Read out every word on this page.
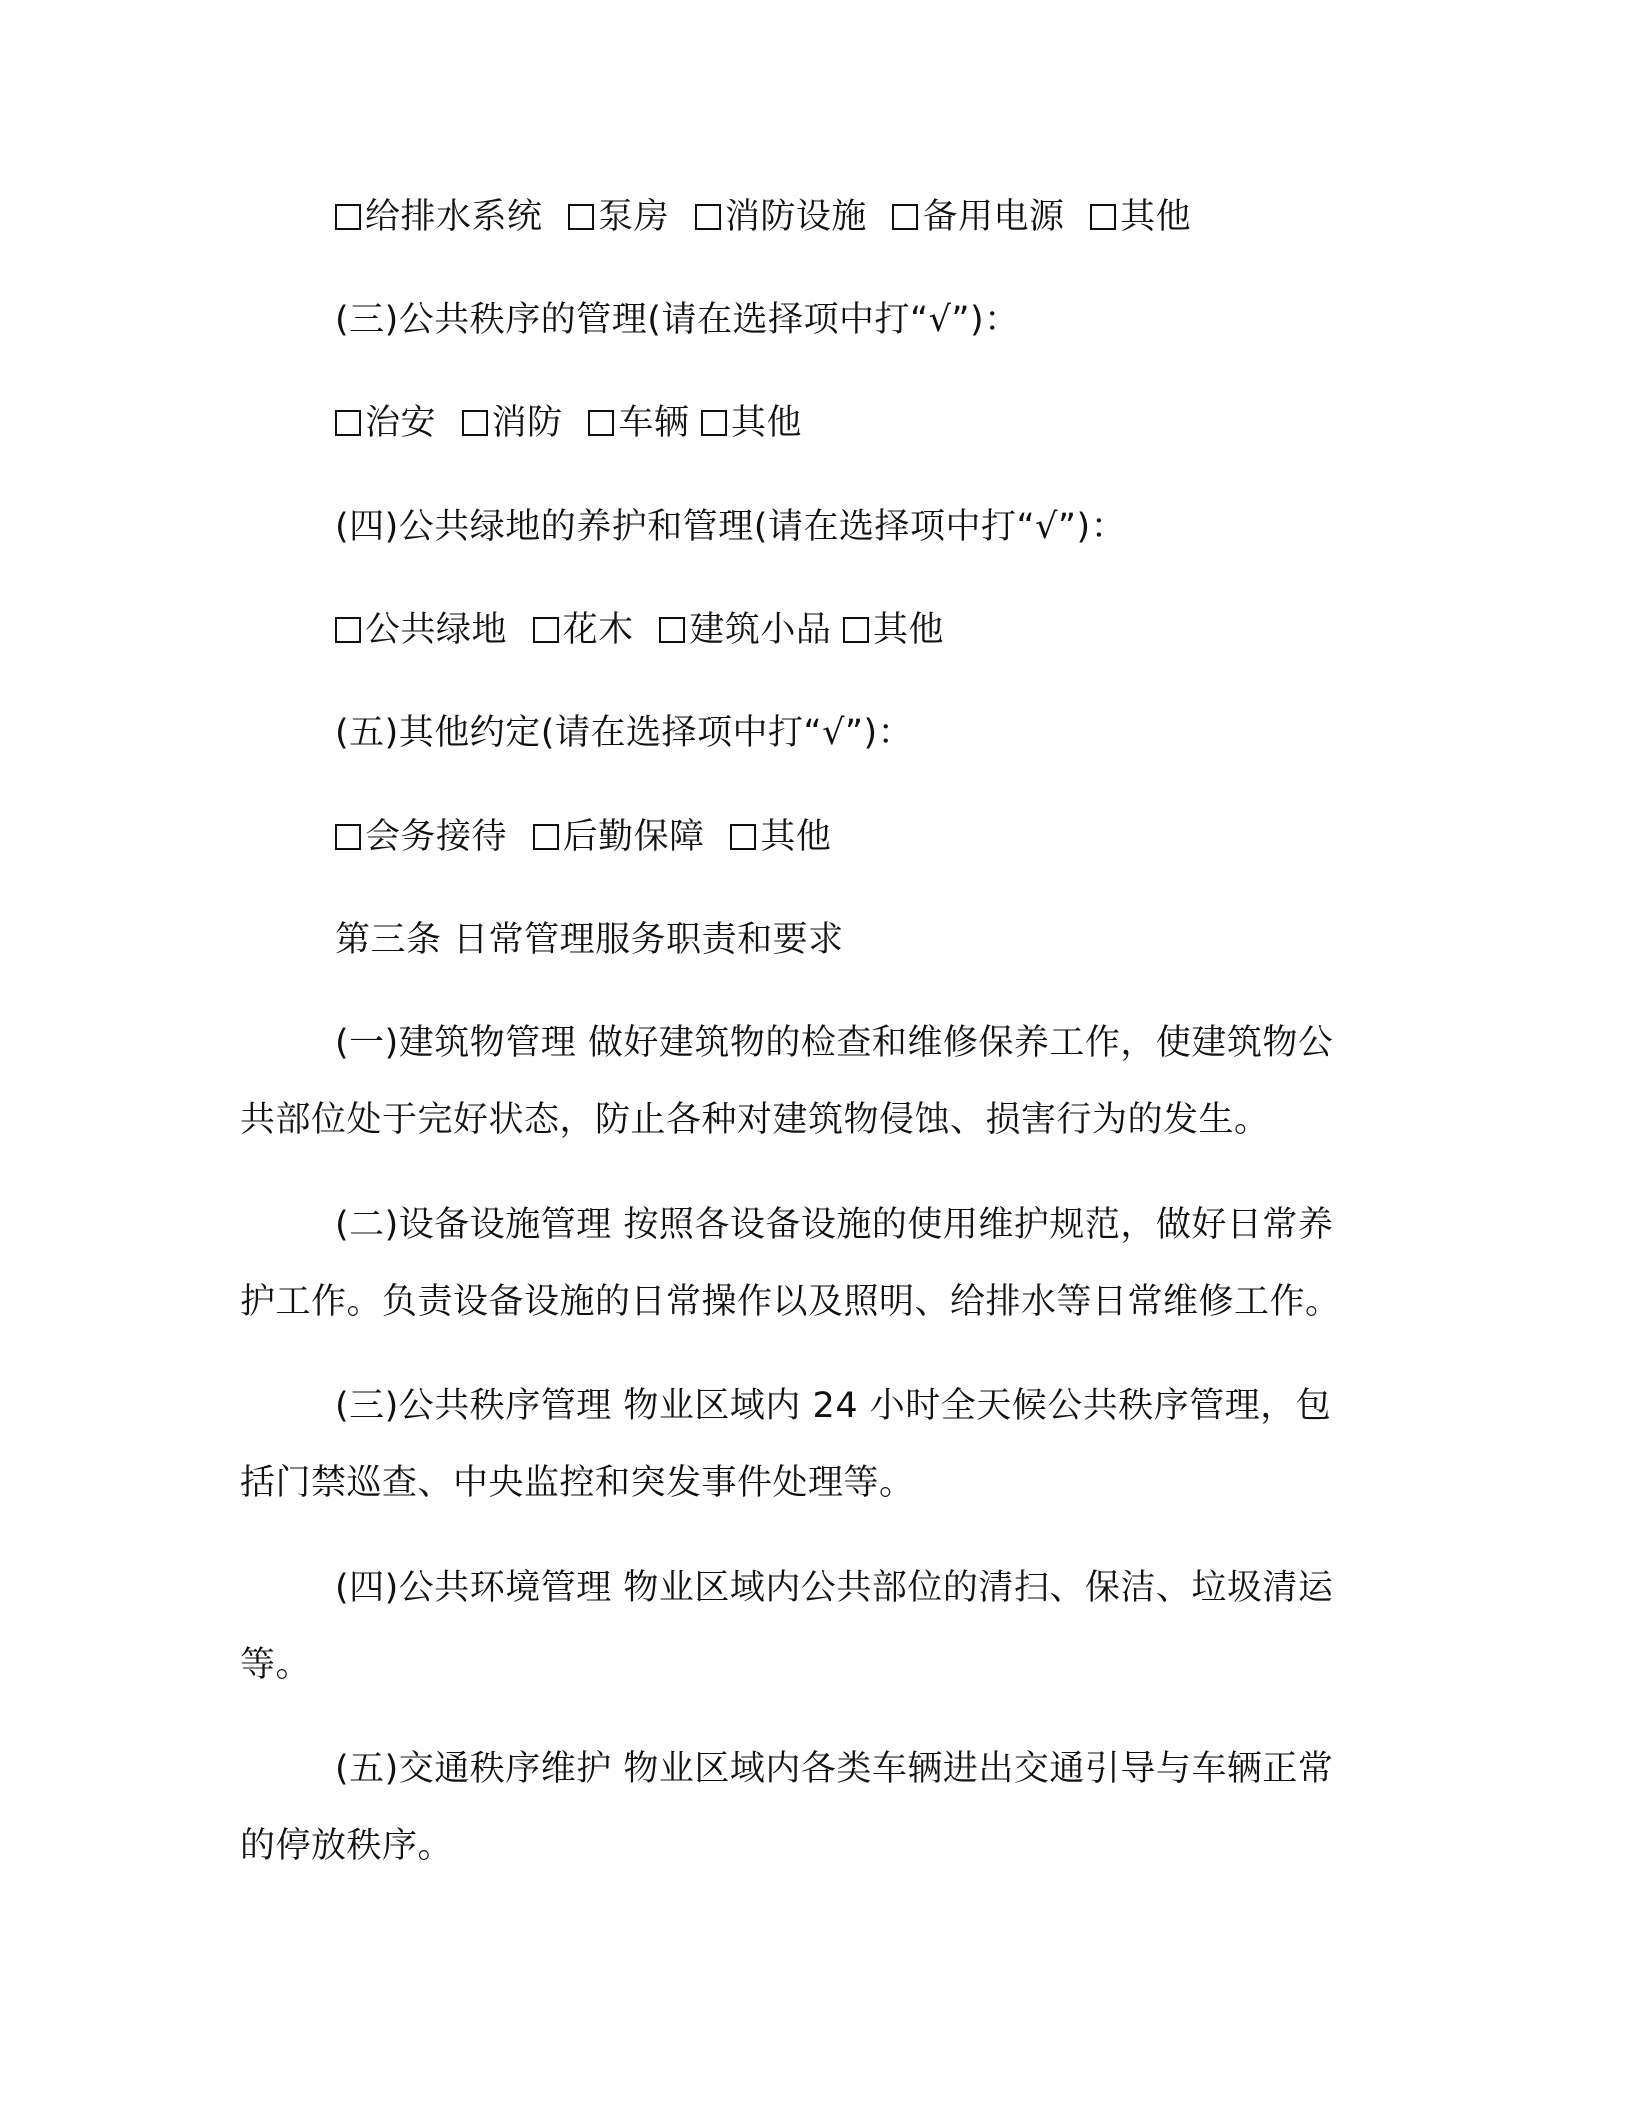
给排水系统
泵房
消防设施
备用电源
其他
(三)公共秩序的管理(请在选择项中打“√”)：
治安
消防
车辆
其他
(四)公共绿地的养护和管理(请在选择项中打“√”)：
公共绿地
花木
建筑小品
其他
(五)其他约定(请在选择项中打“√”)：
会务接待
后勤保障
其他
第三条 日常管理服务职责和要求
(一)建筑物管理 做好建筑物的检查和维修保养工作，使建筑物公
共部位处于完好状态，防止各种对建筑物侵蚀、损害行为的发生。
(二)设备设施管理 按照各设备设施的使用维护规范，做好日常养
护工作。负责设备设施的日常操作以及照明、给排水等日常维修工作。
(三)公共秩序管理 物业区域内 24 小时全天候公共秩序管理，包
括门禁巡查、中央监控和突发事件处理等。
(四)公共环境管理 物业区域内公共部位的清扫、保洁、垃圾清运
等。
(五)交通秩序维护 物业区域内各类车辆进出交通引导与车辆正常
的停放秩序。
